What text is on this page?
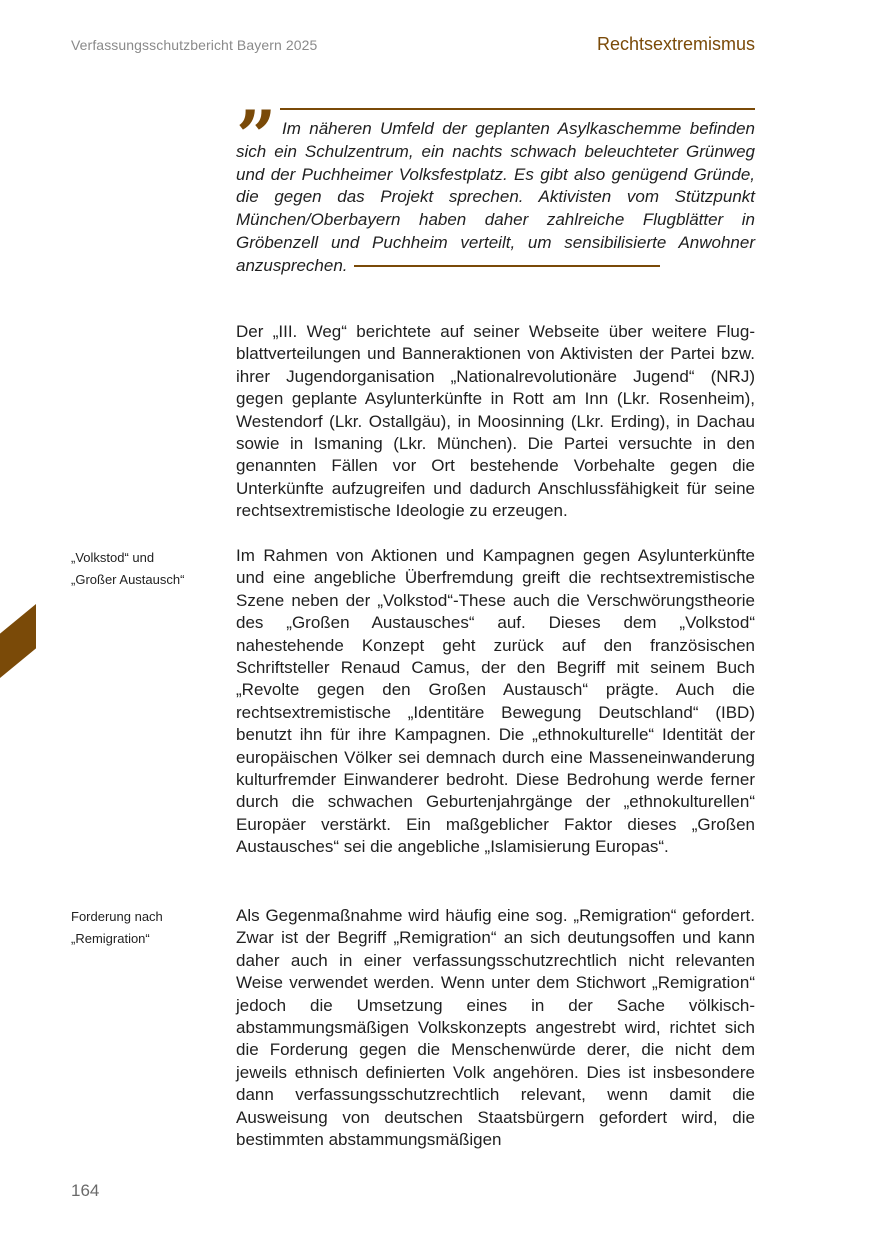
Verfassungsschutzbericht Bayern 2025	Rechtsextremismus
” Im näheren Umfeld der geplanten Asylkaschemme befinden sich ein Schulzentrum, ein nachts schwach beleuchteter Grünweg und der Puchheimer Volksfestplatz. Es gibt also genügend Gründe, die gegen das Projekt sprechen. Aktivisten vom Stützpunkt München/Oberbayern haben daher zahlreiche Flugblätter in Gröbenzell und Puchheim verteilt, um sensibilisierte Anwohner anzusprechen.

Der „III. Weg“ berichtete auf seiner Webseite über weitere Flugblattverteilungen und Banneraktionen von Aktivisten der Partei bzw. ihrer Jugendorganisation „Nationalrevolutionäre Jugend“ (NRJ) gegen geplante Asylunterkünfte in Rott am Inn (Lkr. Rosenheim), Westendorf (Lkr. Ostallgäu), in Moosinning (Lkr. Erding), in Dachau sowie in Ismaning (Lkr. München). Die Partei versuchte in den genannten Fällen vor Ort bestehende Vorbehalte gegen die Unterkünfte aufzugreifen und dadurch Anschlussfähigkeit für seine rechtsextremistische Ideologie zu erzeugen.

„Volkstod“ und
„Großer Austausch“

Im Rahmen von Aktionen und Kampagnen gegen Asylunterkünfte und eine angebliche Überfremdung greift die rechtsextremistische Szene neben der „Volkstod“-These auch die Verschwörungstheorie des „Großen Austausches“ auf. Dieses dem „Volkstod“ nahestehende Konzept geht zurück auf den französischen Schriftsteller Renaud Camus, der den Begriff mit seinem Buch „Revolte gegen den Großen Austausch“ prägte. Auch die rechtsextremistische „Identitäre Bewegung Deutschland“ (IBD) benutzt ihn für ihre Kampagnen. Die „ethnokulturelle“ Identität der europäischen Völker sei demnach durch eine Masseneinwanderung kulturfremder Einwanderer bedroht. Diese Bedrohung werde ferner durch die schwachen Geburtenjahrgänge der „ethnokulturellen“ Europäer verstärkt. Ein maßgeblicher Faktor dieses „Großen Austausches“ sei die angebliche „Islamisierung Europas“.

Forderung nach
„Remigration“

Als Gegenmaßnahme wird häufig eine sog. „Remigration“ gefordert. Zwar ist der Begriff „Remigration“ an sich deutungsoffen und kann daher auch in einer verfassungsschutzrechtlich nicht relevanten Weise verwendet werden. Wenn unter dem Stichwort „Remigration“ jedoch die Umsetzung eines in der Sache völkisch-abstammungsmäßigen Volkskonzepts angestrebt wird, richtet sich die Forderung gegen die Menschenwürde derer, die nicht dem jeweils ethnisch definierten Volk angehören. Dies ist insbesondere dann verfassungsschutzrechtlich relevant, wenn damit die Ausweisung von deutschen Staatsbürgern gefordert wird, die bestimmten abstammungsmäßigen

164
